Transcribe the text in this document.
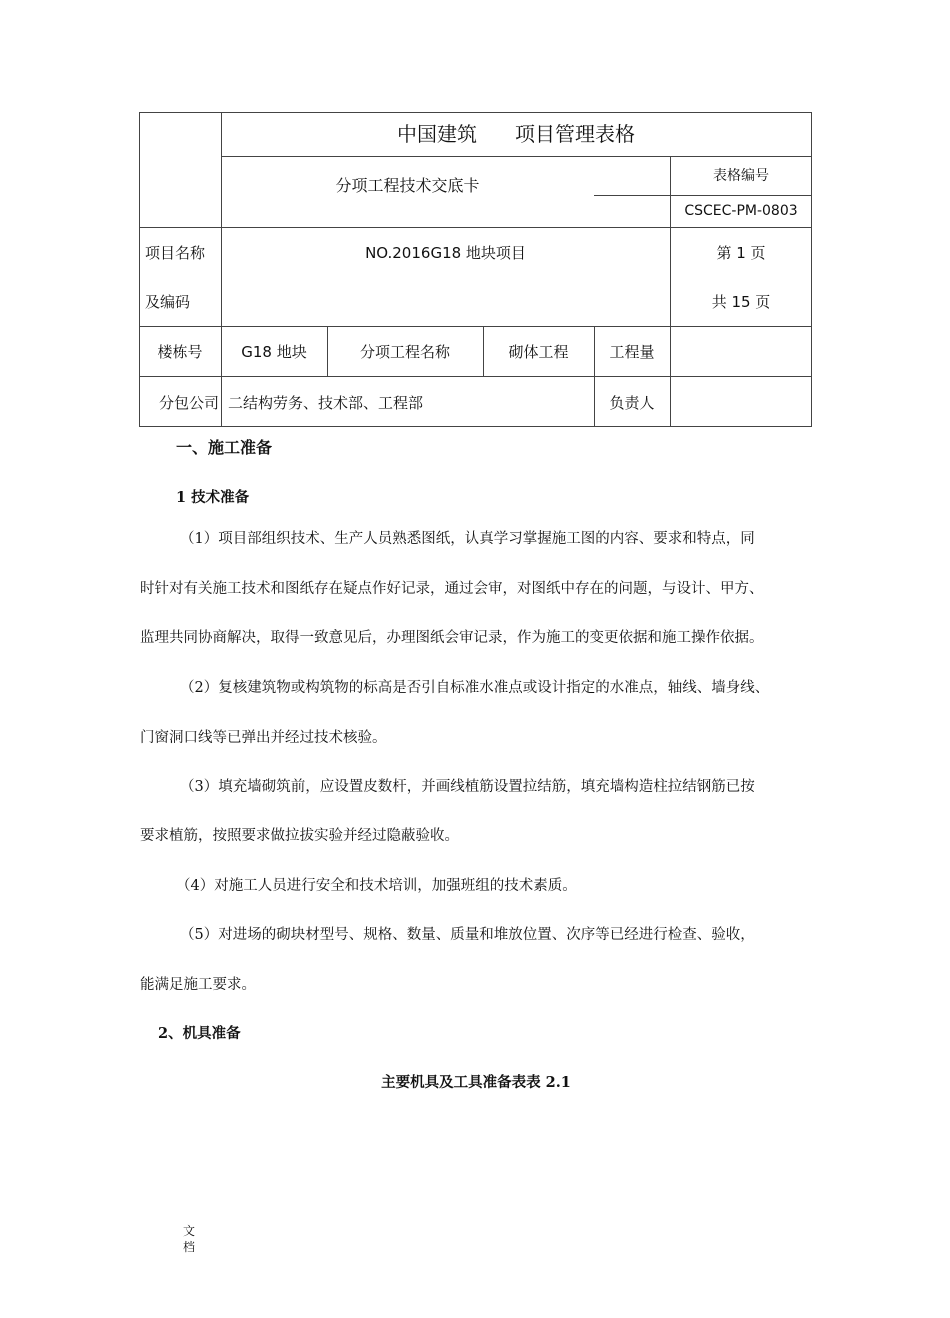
中国建筑 项目管理表格
分项工程技术交底卡	表格编号
CSCEC-PM-0803
项目名称
及编码
NO.2016G18 地块项目	第 1 页
共 15 页
楼栋号	G18 地块	分项工程名称	砌体工程	工程量
分包公司 二结构劳务、技术部、工程部	负责人
一、施工准备
1 技术准备
（1）项目部组织技术、生产人员熟悉图纸，认真学习掌握施工图的内容、要求和特点，同
时针对有关施工技术和图纸存在疑点作好记录，通过会审，对图纸中存在的问题，与设计、甲方、
监理共同协商解决，取得一致意见后，办理图纸会审记录，作为施工的变更依据和施工操作依据。
（2）复核建筑物或构筑物的标高是否引自标准水准点或设计指定的水准点，轴线、墙身线、
门窗洞口线等已弹出并经过技术核验。
（3）填充墙砌筑前，应设置皮数杆，并画线植筋设置拉结筋，填充墙构造柱拉结钢筋已按
要求植筋，按照要求做拉拔实验并经过隐蔽验收。
（4）对施工人员进行安全和技术培训，加强班组的技术素质。
（5）对进场的砌块材型号、规格、数量、质量和堆放位置、次序等已经进行检查、验收，
能满足施工要求。
2、机具准备
主要机具及工具准备表表 2.1
文
档
